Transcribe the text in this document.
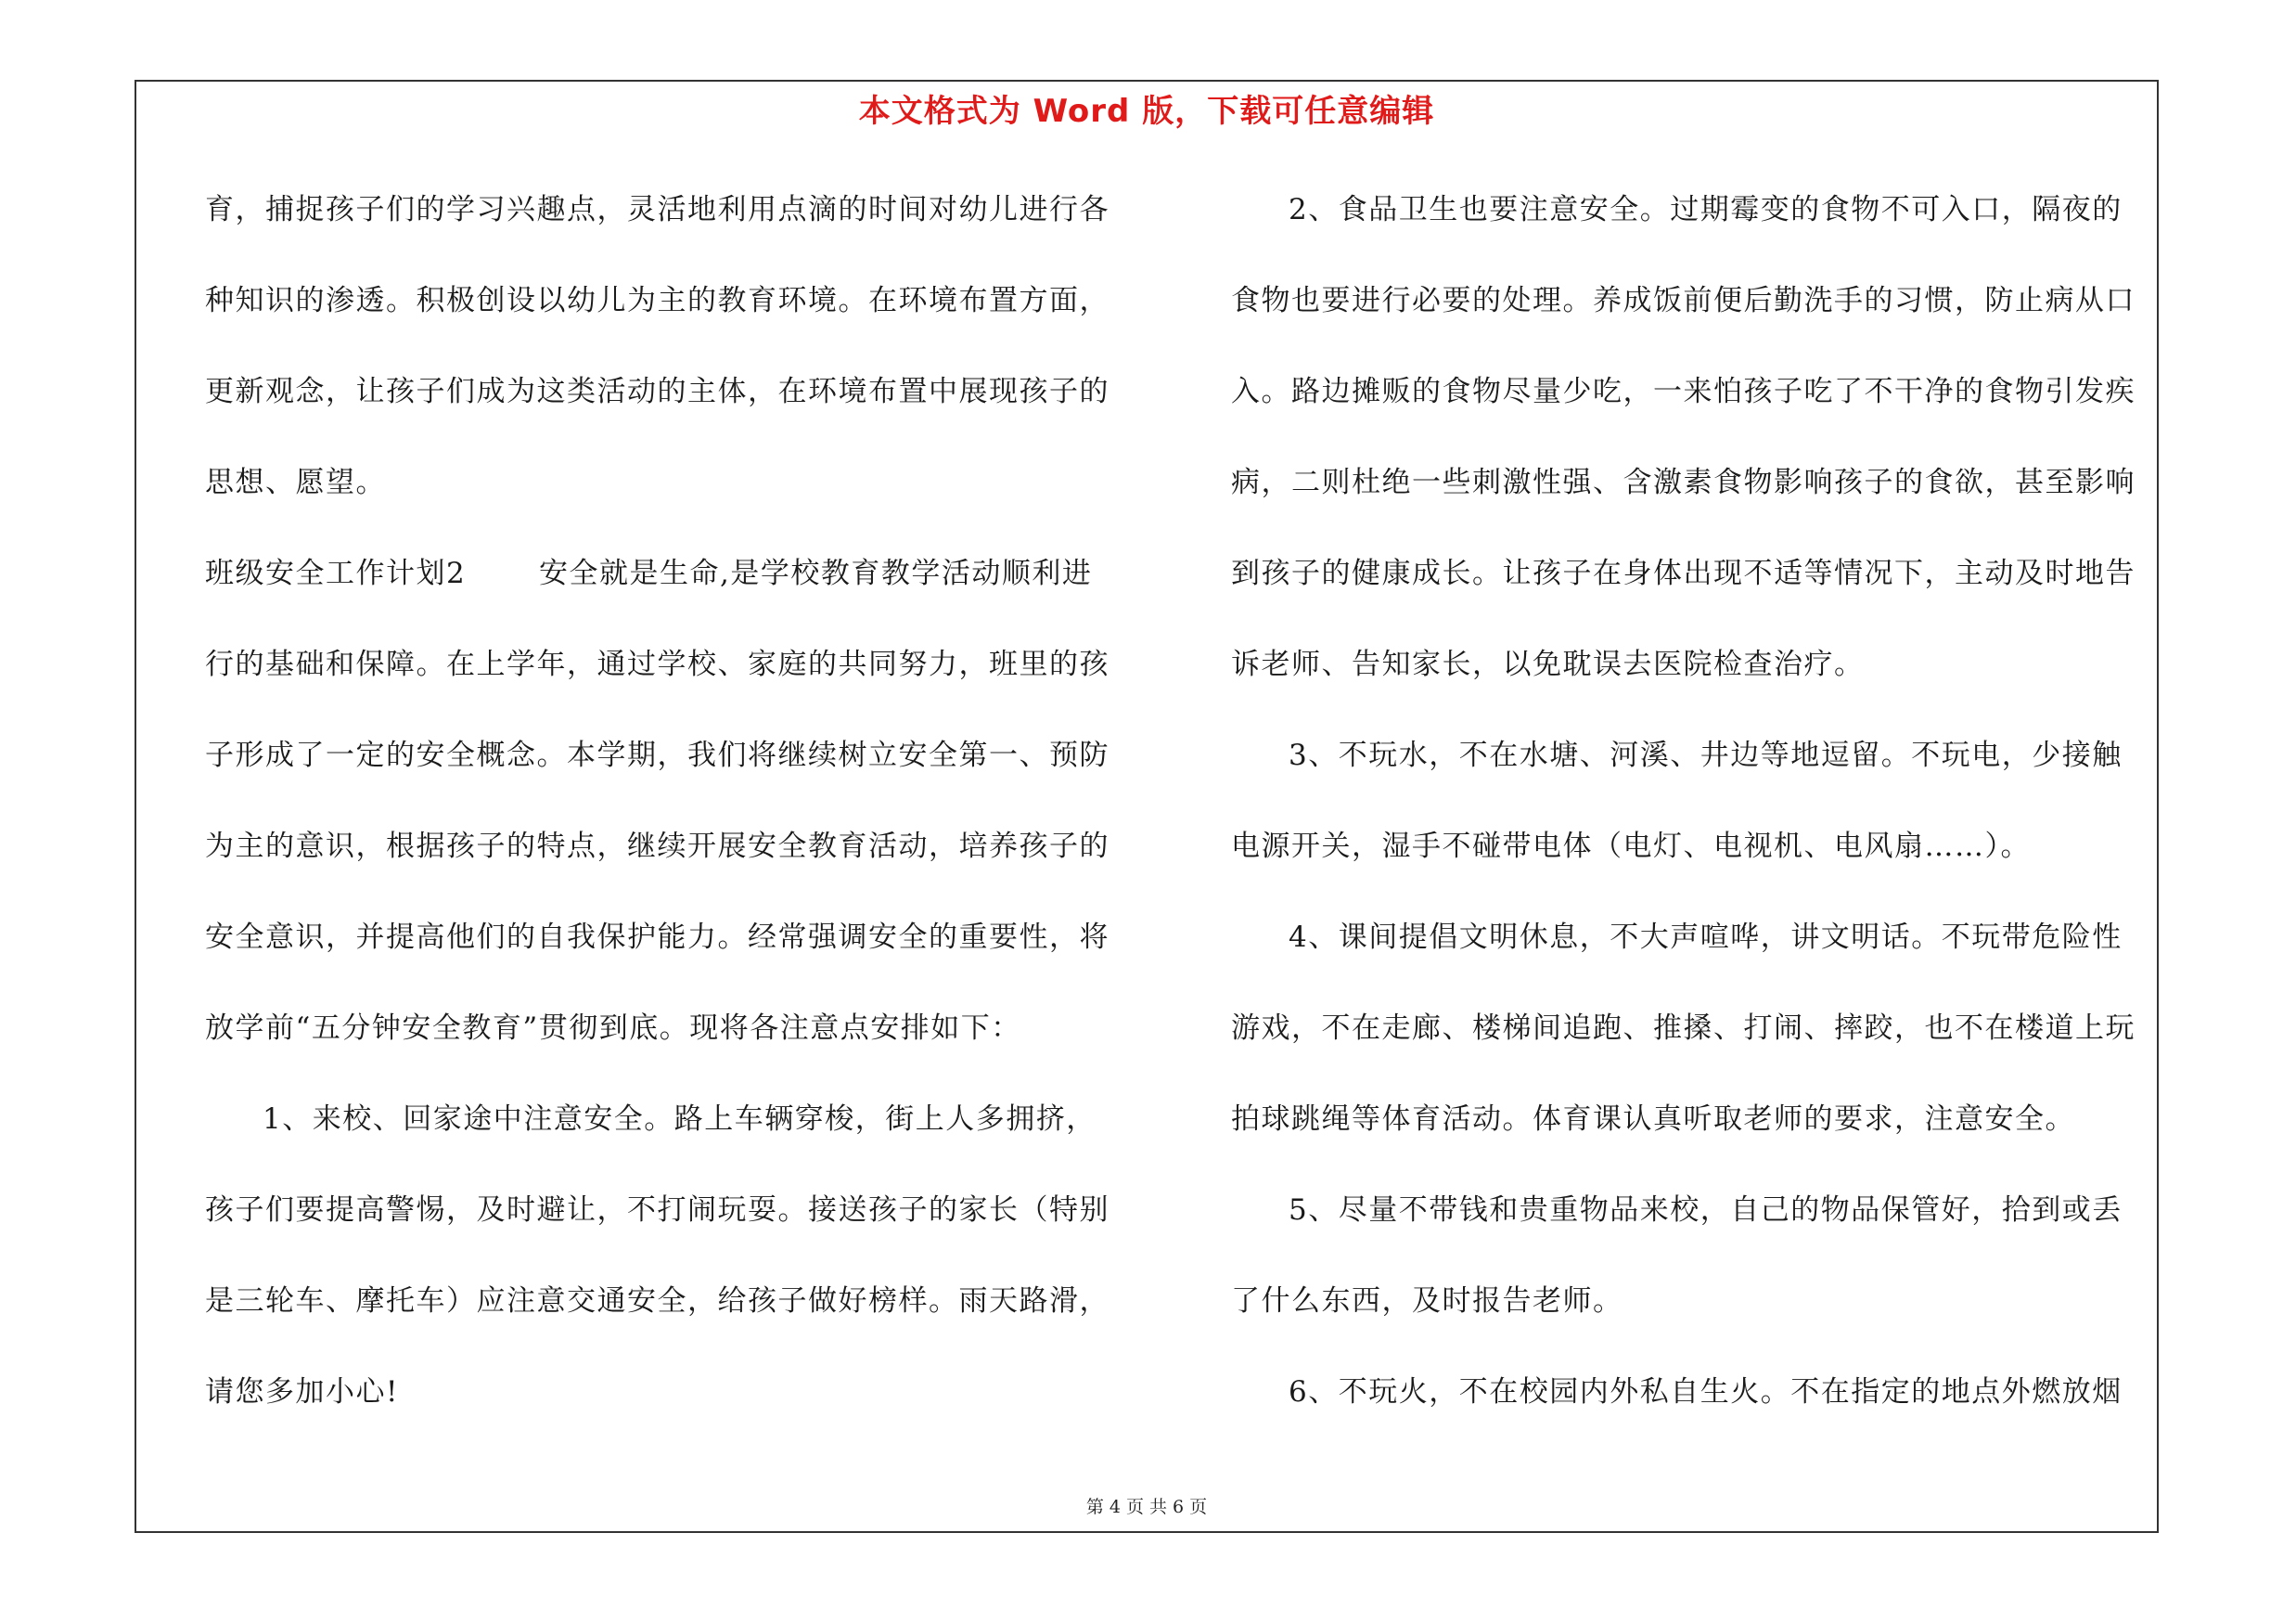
本文格式为 Word 版，下载可任意编辑
育，捕捉孩子们的学习兴趣点，灵活地利用点滴的时间对幼儿进行各
种知识的渗透。积极创设以幼儿为主的教育环境。在环境布置方面，
更新观念，让孩子们成为这类活动的主体，在环境布置中展现孩子的
思想、愿望。
班级安全工作计划2	安全就是生命,是学校教育教学活动顺利进
行的基础和保障。在上学年，通过学校、家庭的共同努力，班里的孩
子形成了一定的安全概念。本学期，我们将继续树立安全第一、预防
为主的意识，根据孩子的特点，继续开展安全教育活动，培养孩子的
安全意识，并提高他们的自我保护能力。经常强调安全的重要性，将
放学前“五分钟安全教育”贯彻到底。现将各注意点安排如下：
1、来校、回家途中注意安全。路上车辆穿梭，街上人多拥挤，
孩子们要提高警惕，及时避让，不打闹玩耍。接送孩子的家长（特别
是三轮车、摩托车）应注意交通安全，给孩子做好榜样。雨天路滑，
请您多加小心!
2、食品卫生也要注意安全。过期霉变的食物不可入口，隔夜的
食物也要进行必要的处理。养成饭前便后勤洗手的习惯，防止病从口
入。路边摊贩的食物尽量少吃，一来怕孩子吃了不干净的食物引发疾
病，二则杜绝一些刺激性强、含激素食物影响孩子的食欲，甚至影响
到孩子的健康成长。让孩子在身体出现不适等情况下，主动及时地告
诉老师、告知家长，以免耽误去医院检查治疗。
3、不玩水，不在水塘、河溪、井边等地逗留。不玩电，少接触
电源开关，湿手不碰带电体（电灯、电视机、电风扇……）。
4、课间提倡文明休息，不大声喧哗，讲文明话。不玩带危险性
游戏，不在走廊、楼梯间追跑、推搡、打闹、摔跤，也不在楼道上玩
拍球跳绳等体育活动。体育课认真听取老师的要求，注意安全。
5、尽量不带钱和贵重物品来校，自己的物品保管好，拾到或丢
了什么东西，及时报告老师。
6、不玩火，不在校园内外私自生火。不在指定的地点外燃放烟
第 4 页 共 6 页
